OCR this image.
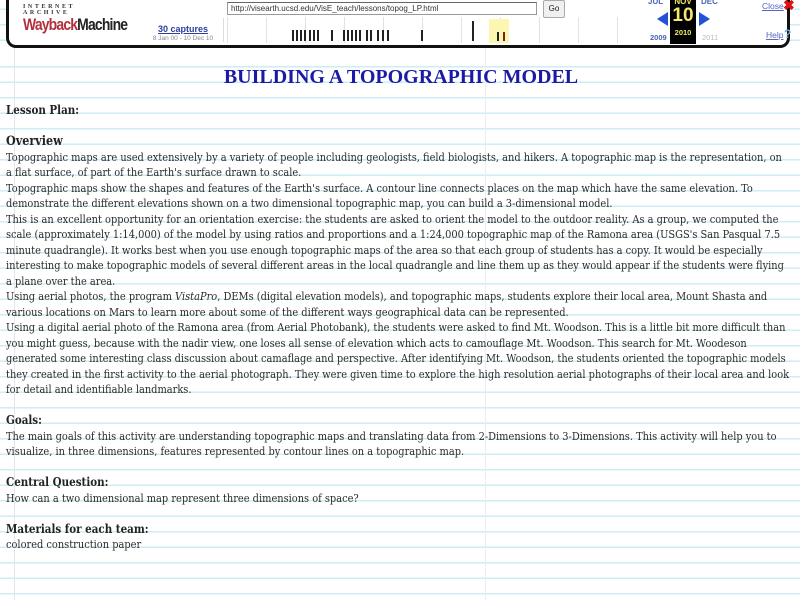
INTERNET ARCHIVE
WaybackMachine	30 captures
8 Jan 00 - 10 Dec 10
http://visearth.ucsd.edu/VisE_teach/lessons/topog_LP.html
Go
JUL	NOV
10
2010
DEC
2009	2011
Close ✖
Help ?
BUILDING A TOPOGRAPHIC MODEL
Lesson Plan:
Overview

Topographic maps are used extensively by a variety of people including geologists, field biologists, and hikers. A topographic map is the representation, on a flat surface, of part of the Earth's surface drawn to scale.

Topographic maps show the shapes and features of the Earth's surface. A contour line connects places on the map which have the same elevation. To demonstrate the different elevations shown on a two dimensional topographic map, you can build a 3-dimensional model.

This is an excellent opportunity for an orientation exercise: the students are asked to orient the model to the outdoor reality. As a group, we computed the scale (approximately 1:14,000) of the model by using ratios and proportions and a 1:24,000 topographic map of the Ramona area (USGS's San Pasqual 7.5 minute quadrangle). It works best when you use enough topographic maps of the area so that each group of students has a copy. It would be especially interesting to make topographic models of several different areas in the local quadrangle and line them up as they would appear if the students were flying a plane over the area.

Using aerial photos, the program VistaPro, DEMs (digital elevation models), and topographic maps, students explore their local area, Mount Shasta and various locations on Mars to learn more about some of the different ways geographical data can be represented.

Using a digital aerial photo of the Ramona area (from Aerial Photobank), the students were asked to find Mt. Woodson. This is a little bit more difficult than you might guess, because with the nadir view, one loses all sense of elevation which acts to camouflage Mt. Woodson. This search for Mt. Woodeson generated some interesting class discussion about camaflage and perspective. After identifying Mt. Woodson, the students oriented the topographic models they created in the first activity to the aerial photograph. They were given time to explore the high resolution aerial photographs of their local area and look for detail and identifiable landmarks.

Goals:

The main goals of this activity are understanding topographic maps and translating data from 2-Dimensions to 3-Dimensions. This activity will help you to visualize, in three dimensions, features represented by contour lines on a topographic map.

Central Question:

How can a two dimensional map represent three dimensions of space?

Materials for each team:

colored construction paper
